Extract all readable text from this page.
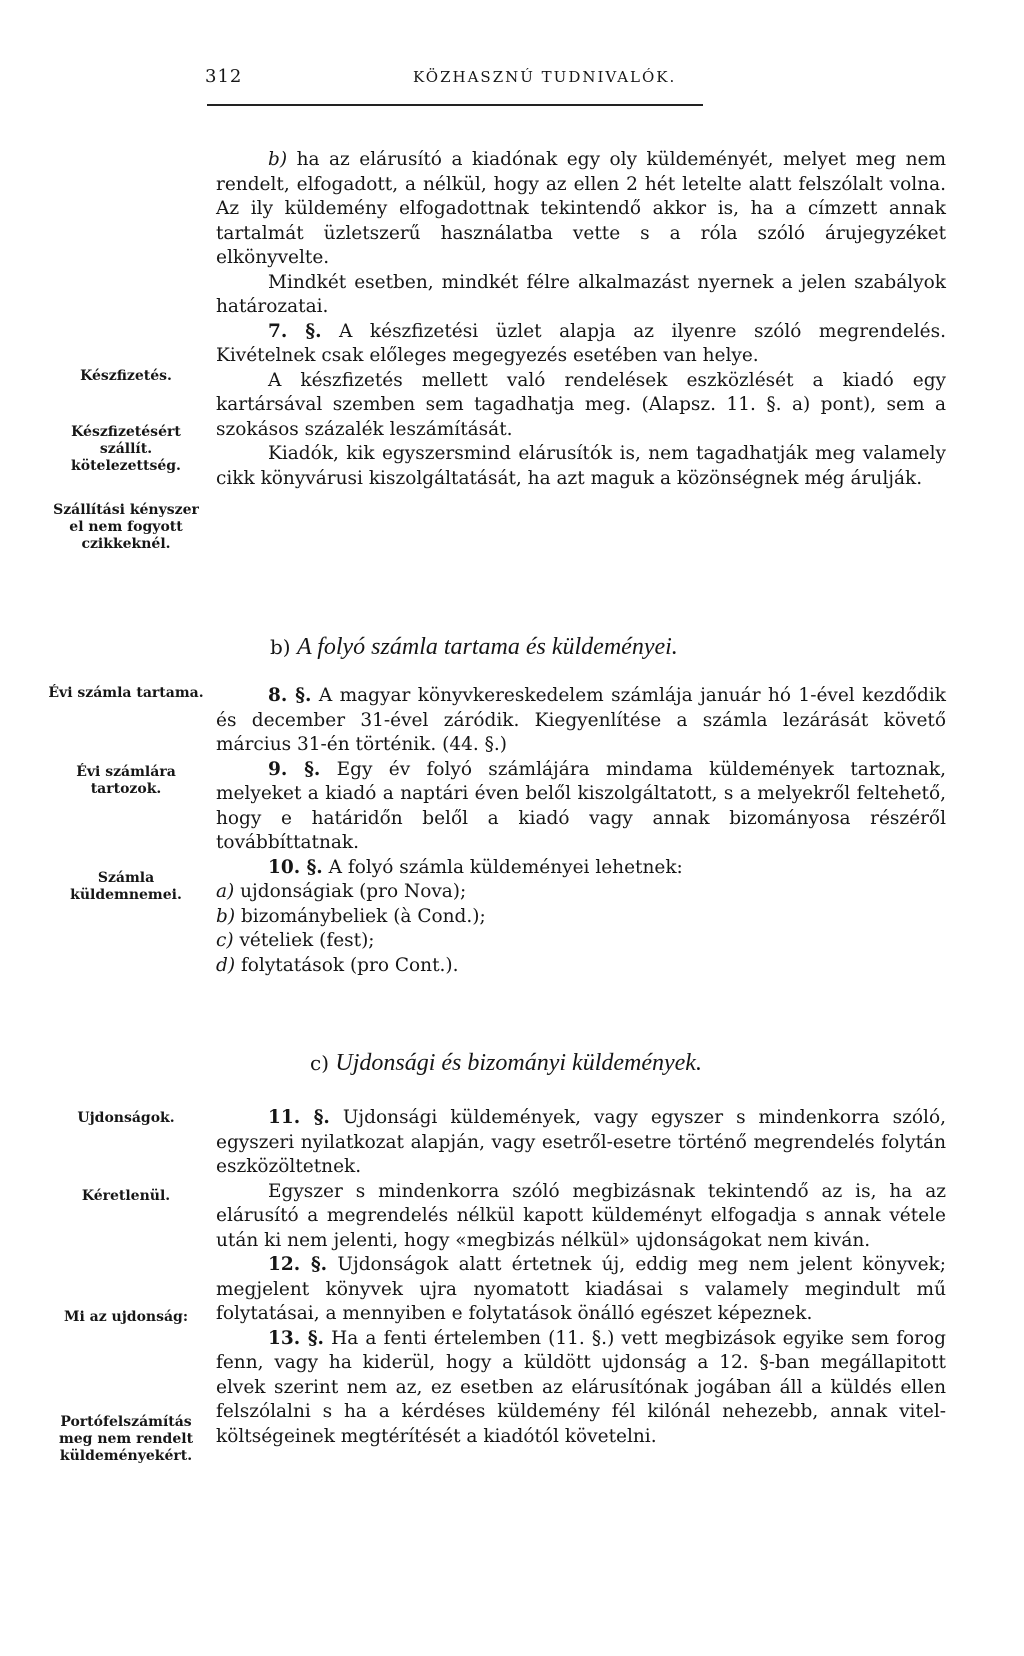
312	KÖZHASZNÚ TUDNIVALÓK.
Készfizetés.
Készfizetésért szállít. kötelezettség.
Szállítási kényszer el nem fogyott czikkeknél.
Évi számla tartama.
Évi számlára tartozok.
Számla küldemnemei.
Ujdonságok.
Kéretlenül.
Mi az ujdonság:
Portófelszámítás meg nem rendelt küldeményekért.

b) ha az elárusító a kiadónak egy oly küldeményét, melyet meg nem rendelt, elfogadott, a nélkül, hogy az ellen 2 hét letelte alatt felszólalt volna. Az ily küldemény elfogadottnak tekintendő akkor is, ha a címzett annak tartalmát üzletszerű használatba vette s a róla szóló árujegyzéket elkönyvelte.

Mindkét esetben, mindkét félre alkalmazást nyernek a jelen szabályok határozatai.

7. §. A készfizetési üzlet alapja az ilyenre szóló megrendelés. Kivételnek csak előleges megegyezés esetében van helye.

A készfizetés mellett való rendelések eszközlését a kiadó egy kartársával szemben sem tagadhatja meg. (Alapsz. 11. §. a) pont), sem a szokásos százalék leszámítását.

Kiadók, kik egyszersmind elárusítók is, nem tagadhatják meg valamely cikk könyvárusi kiszolgáltatását, ha azt maguk a közönségnek még árulják.

b) A folyó számla tartama és küldeményei.

8. §. A magyar könyvkereskedelem számlája január hó 1-ével kezdődik és december 31-ével záródik. Kiegyenlítése a számla lezárását követő március 31-én történik. (44. §.)

9. §. Egy év folyó számlájára mindama küldemények tartoznak, melyeket a kiadó a naptári éven belől kiszolgáltatott, s a melyekről feltehető, hogy e határidőn belől a kiadó vagy annak bizományosa részéről továbbíttatnak.

10. §. A folyó számla küldeményei lehetnek:

a) ujdonságiak (pro Nova);

b) bizománybeliek (à Cond.);

c) vételiek (fest);

d) folytatások (pro Cont.).

c) Ujdonsági és bizományi küldemények.

11. §. Ujdonsági küldemények, vagy egyszer s mindenkorra szóló, egyszeri nyilatkozat alapján, vagy esetről-esetre történő megrendelés folytán eszközöltetnek.

Egyszer s mindenkorra szóló megbizásnak tekintendő az is, ha az elárusító a megrendelés nélkül kapott küldeményt elfogadja s annak vétele után ki nem jelenti, hogy «megbizás nélkül» ujdonságokat nem kiván.

12. §. Ujdonságok alatt értetnek új, eddig meg nem jelent könyvek; megjelent könyvek ujra nyomatott kiadásai s valamely megindult mű folytatásai, a mennyiben e folytatások önálló egészet képeznek.

13. §. Ha a fenti értelemben (11. §.) vett megbizások egyike sem forog fenn, vagy ha kiderül, hogy a küldött ujdonság a 12. §-ban megállapitott elvek szerint nem az, ez esetben az elárusítónak jogában áll a küldés ellen felszólalni s ha a kérdéses küldemény fél kilónál nehezebb, annak vitel-költségeinek megtérítését a kiadótól követelni.
